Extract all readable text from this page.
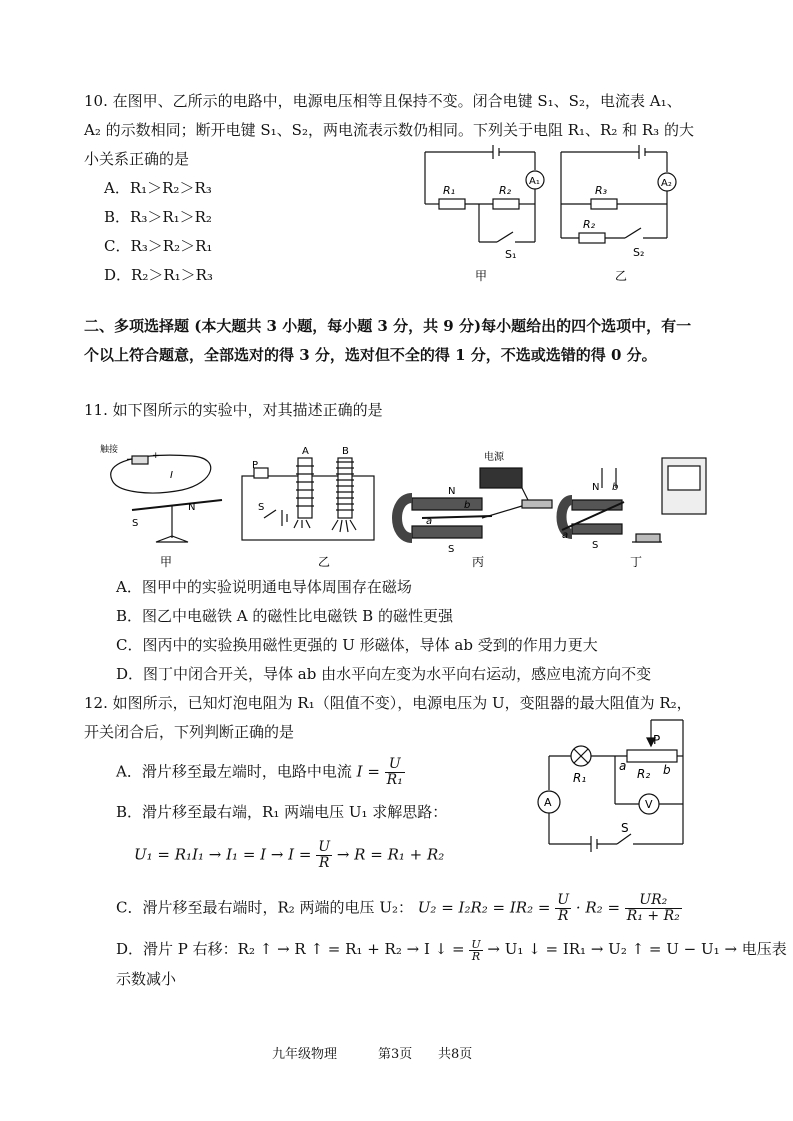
10. 在图甲、乙所示的电路中，电源电压相等且保持不变。闭合电键 S₁、S₂，电流表 A₁、
A₂ 的示数相同；断开电键 S₁、S₂，两电流表示数仍相同。下列关于电阻 R₁、R₂ 和 R₃ 的大
小关系正确的是
A．R₁＞R₂＞R₃
B．R₃＞R₁＞R₂
C．R₃＞R₂＞R₁
D．R₂＞R₁＞R₃
R₁	R₂
A₁
S₁
甲
R₃
R₂
A₂
S₂
乙
二、多项选择题 (本大题共 3 小题，每小题 3 分，共 9 分)每小题给出的四个选项中，有一
个以上符合题意，全部选对的得 3 分，选对但不全的得 1 分，不选或选错的得 0 分。
11. 如下图所示的实验中，对其描述正确的是
触接
− +
I
N
S
P
A	B
S
电源
N
S
a
b
N
S
a
b
甲	乙	丙	丁
A．图甲中的实验说明通电导体周围存在磁场
B．图乙中电磁铁 A 的磁性比电磁铁 B 的磁性更强
C．图丙中的实验换用磁性更强的 U 形磁体，导体 ab 受到的作用力更大
D．图丁中闭合开关，导体 ab 由水平向左变为水平向右运动，感应电流方向不变
12. 如图所示，已知灯泡电阻为 R₁（阻值不变），电源电压为 U，变阻器的最大阻值为 R₂，
开关闭合后，下列判断正确的是
A．滑片移至最左端时，电路中电流 $I = \frac{U}{\text{R₁}}$
B．滑片移至最右端，R₁ 两端电压 U₁ 求解思路：
$U_1 = R_1I_1 \to I_1 = I \to I = \frac{U}{R} \to R = R_1 + R_2$
C．滑片移至最右端时，R₂ 两端的电压 U₂： $U_2 = I_2R_2 = IR_2 = \frac{U}{R} \cdot R_2 = \frac{\text{UR₂}}{\text{R₁ + R₂}}$
D．滑片 P 右移：R₂ ↑ → R ↑ = R₁ + R₂ → I ↓ = $\frac{U}{R} \to U_1$ ↓ = IR₁ → U₂ ↑ = U − U₁ → 电压表
示数减小
P
R₁	R₂
a	b
A	V
S
九年级物理	第3页 共8页
